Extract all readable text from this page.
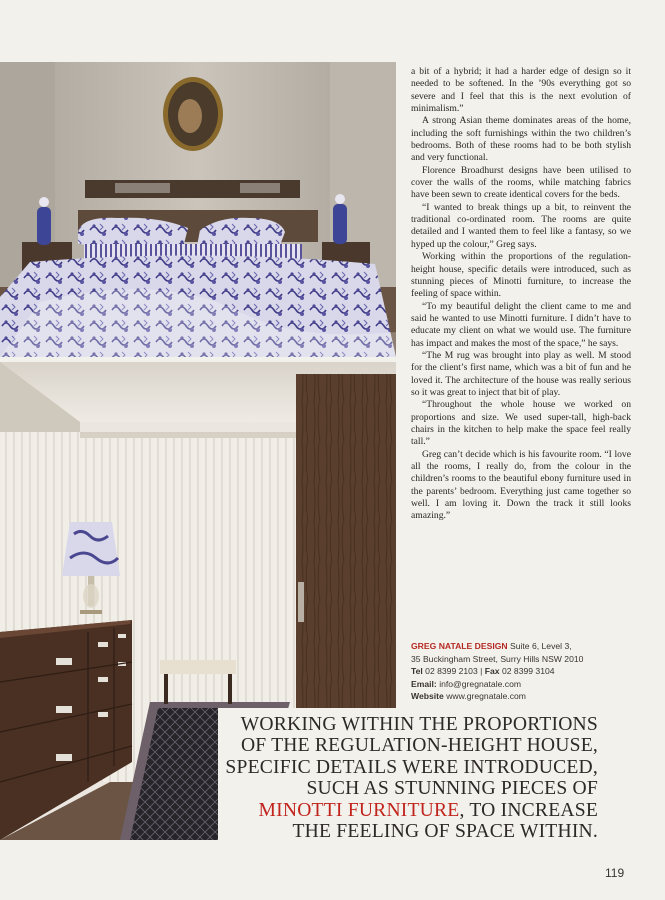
a bit of a hybrid; it had a harder edge of design so it needed to be softened. In the ’90s everything got so severe and I feel that this is the next evolution of minimalism.”

A strong Asian theme dominates areas of the home, including the soft furnishings within the two children’s bedrooms. Both of these rooms had to be both stylish and very functional.

Florence Broadhurst designs have been utilised to cover the walls of the rooms, while matching fabrics have been sewn to create identical covers for the beds.

“I wanted to break things up a bit, to reinvent the traditional co-ordinated room. The rooms are quite detailed and I wanted them to feel like a fantasy, so we hyped up the colour,” Greg says.

Working within the proportions of the regulation-height house, specific details were introduced, such as stunning pieces of Minotti furniture, to increase the feeling of space within.

“To my beautiful delight the client came to me and said he wanted to use Minotti furniture. I didn’t have to educate my client on what we would use. The furniture has impact and makes the most of the space,” he says.

“The M rug was brought into play as well. M stood for the client’s first name, which was a bit of fun and he loved it. The architecture of the house was really serious so it was great to inject that bit of play.

“Throughout the whole house we worked on proportions and size. We used super-tall, high-back chairs in the kitchen to help make the space feel really tall.”

Greg can’t decide which is his favourite room. “I love all the rooms, I really do, from the colour in the children’s rooms to the beautiful ebony furniture used in the parents’ bedroom. Everything just came together so well. I am loving it. Down the track it still looks amazing.”

GREG NATALE DESIGN Suite 6, Level 3,
35 Buckingham Street, Surry Hills NSW 2010
Tel 02 8399 2103 | Fax 02 8399 3104
Email: info@gregnatale.com
Website www.gregnatale.com
WORKING WITHIN THE PROPORTIONS
OF THE REGULATION-HEIGHT HOUSE,
SPECIFIC DETAILS WERE INTRODUCED,
SUCH AS STUNNING PIECES OF
MINOTTI FURNITURE, TO INCREASE
THE FEELING OF SPACE WITHIN.
119
